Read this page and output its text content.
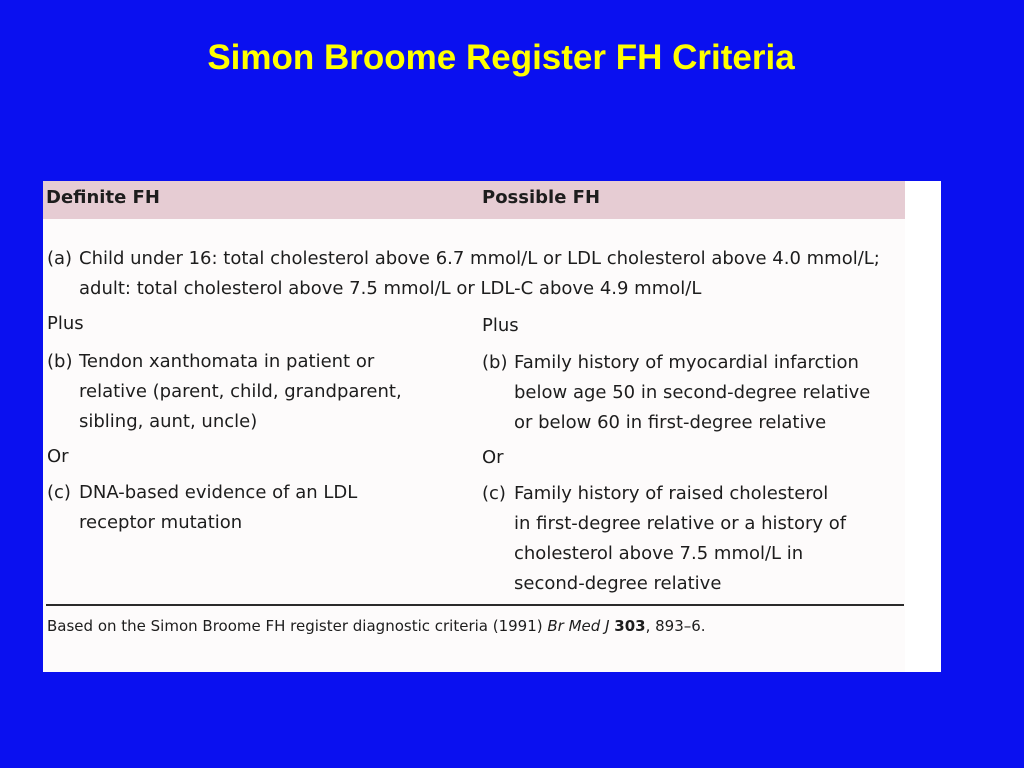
Simon Broome Register FH Criteria
Definite FH	Possible FH
(a) Child under 16: total cholesterol above 6.7 mmol/L or LDL cholesterol above 4.0 mmol/L;
adult: total cholesterol above 7.5 mmol/L or LDL-C above 4.9 mmol/L
Plus
(b) Tendon xanthomata in patient or
relative (parent, child, grandparent,
sibling, aunt, uncle)
Or
(c) DNA-based evidence of an LDL
receptor mutation
Plus
(b) Family history of myocardial infarction
below age 50 in second-degree relative
or below 60 in first-degree relative
Or
(c) Family history of raised cholesterol
in first-degree relative or a history of
cholesterol above 7.5 mmol/L in
second-degree relative
Based on the Simon Broome FH register diagnostic criteria (1991) Br Med J 303, 893–6.
